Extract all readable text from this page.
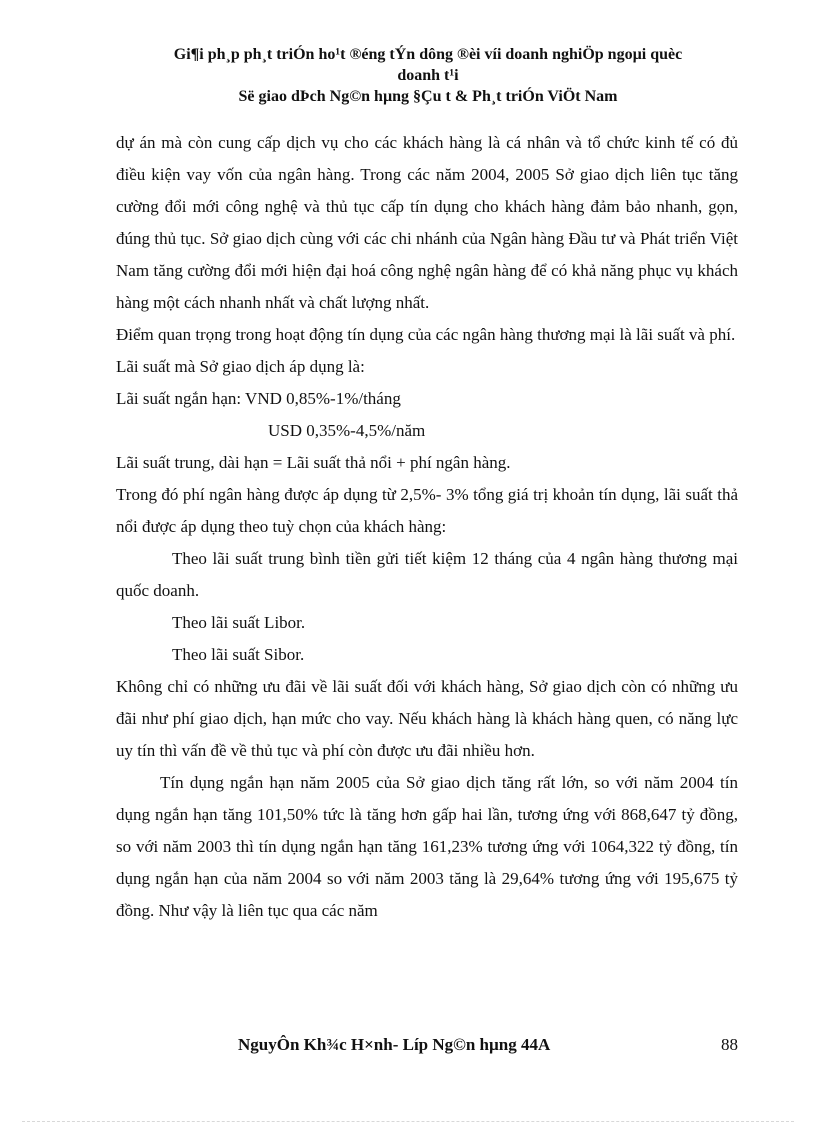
Gi¶i ph¸p ph¸t triÓn ho¹t ®éng tÝn dông ®èi víi doanh nghiÖp ngoµi quèc
doanh t¹i
Së giao dÞch Ng©n hµng §Çu t & Ph¸t triÓn ViÖt Nam

dự án mà còn cung cấp dịch vụ cho các khách hàng là cá nhân và tổ chức kinh tế có đủ điều kiện vay vốn của ngân hàng. Trong các năm 2004, 2005 Sở giao dịch liên tục tăng cường đổi mới công nghệ và thủ tục cấp tín dụng cho khách hàng đảm bảo nhanh, gọn, đúng thủ tục. Sở giao dịch cùng với các chi nhánh của Ngân hàng Đầu tư và Phát triển Việt Nam tăng cường đổi mới hiện đại hoá công nghệ ngân hàng để có khả năng phục vụ khách hàng một cách nhanh nhất và chất lượng nhất.

Điểm quan trọng trong hoạt động tín dụng của các ngân hàng thương mại là lãi suất và phí.

Lãi suất mà Sở giao dịch áp dụng là:

Lãi suất ngắn hạn: VND 0,85%-1%/tháng

USD 0,35%-4,5%/năm

Lãi suất trung, dài hạn = Lãi suất thả nổi + phí ngân hàng.

Trong đó phí ngân hàng được áp dụng từ 2,5%- 3% tổng giá trị khoản tín dụng, lãi suất thả nổi được áp dụng theo tuỳ chọn của khách hàng:

Theo lãi suất trung bình tiền gửi tiết kiệm 12 tháng của 4 ngân hàng thương mại quốc doanh.

Theo lãi suất Libor.

Theo lãi suất Sibor.

Không chỉ có những ưu đãi về lãi suất đối với khách hàng, Sở giao dịch còn có những ưu đãi như phí giao dịch, hạn mức cho vay. Nếu khách hàng là khách hàng quen, có năng lực uy tín thì vấn đề về thủ tục và phí còn được ưu đãi nhiều hơn.

Tín dụng ngắn hạn năm 2005 của Sở giao dịch tăng rất lớn, so với năm 2004 tín dụng ngắn hạn tăng 101,50% tức là tăng hơn gấp hai lần, tương ứng với 868,647 tỷ đồng, so với năm 2003 thì tín dụng ngắn hạn tăng 161,23% tương ứng với 1064,322 tỷ đồng, tín dụng ngắn hạn của năm 2004 so với năm 2003 tăng là 29,64% tương ứng với 195,675 tỷ đồng. Như vậy là liên tục qua các năm

NguyÔn Kh¾c H×nh- Líp Ng©n hµng 44A	88
